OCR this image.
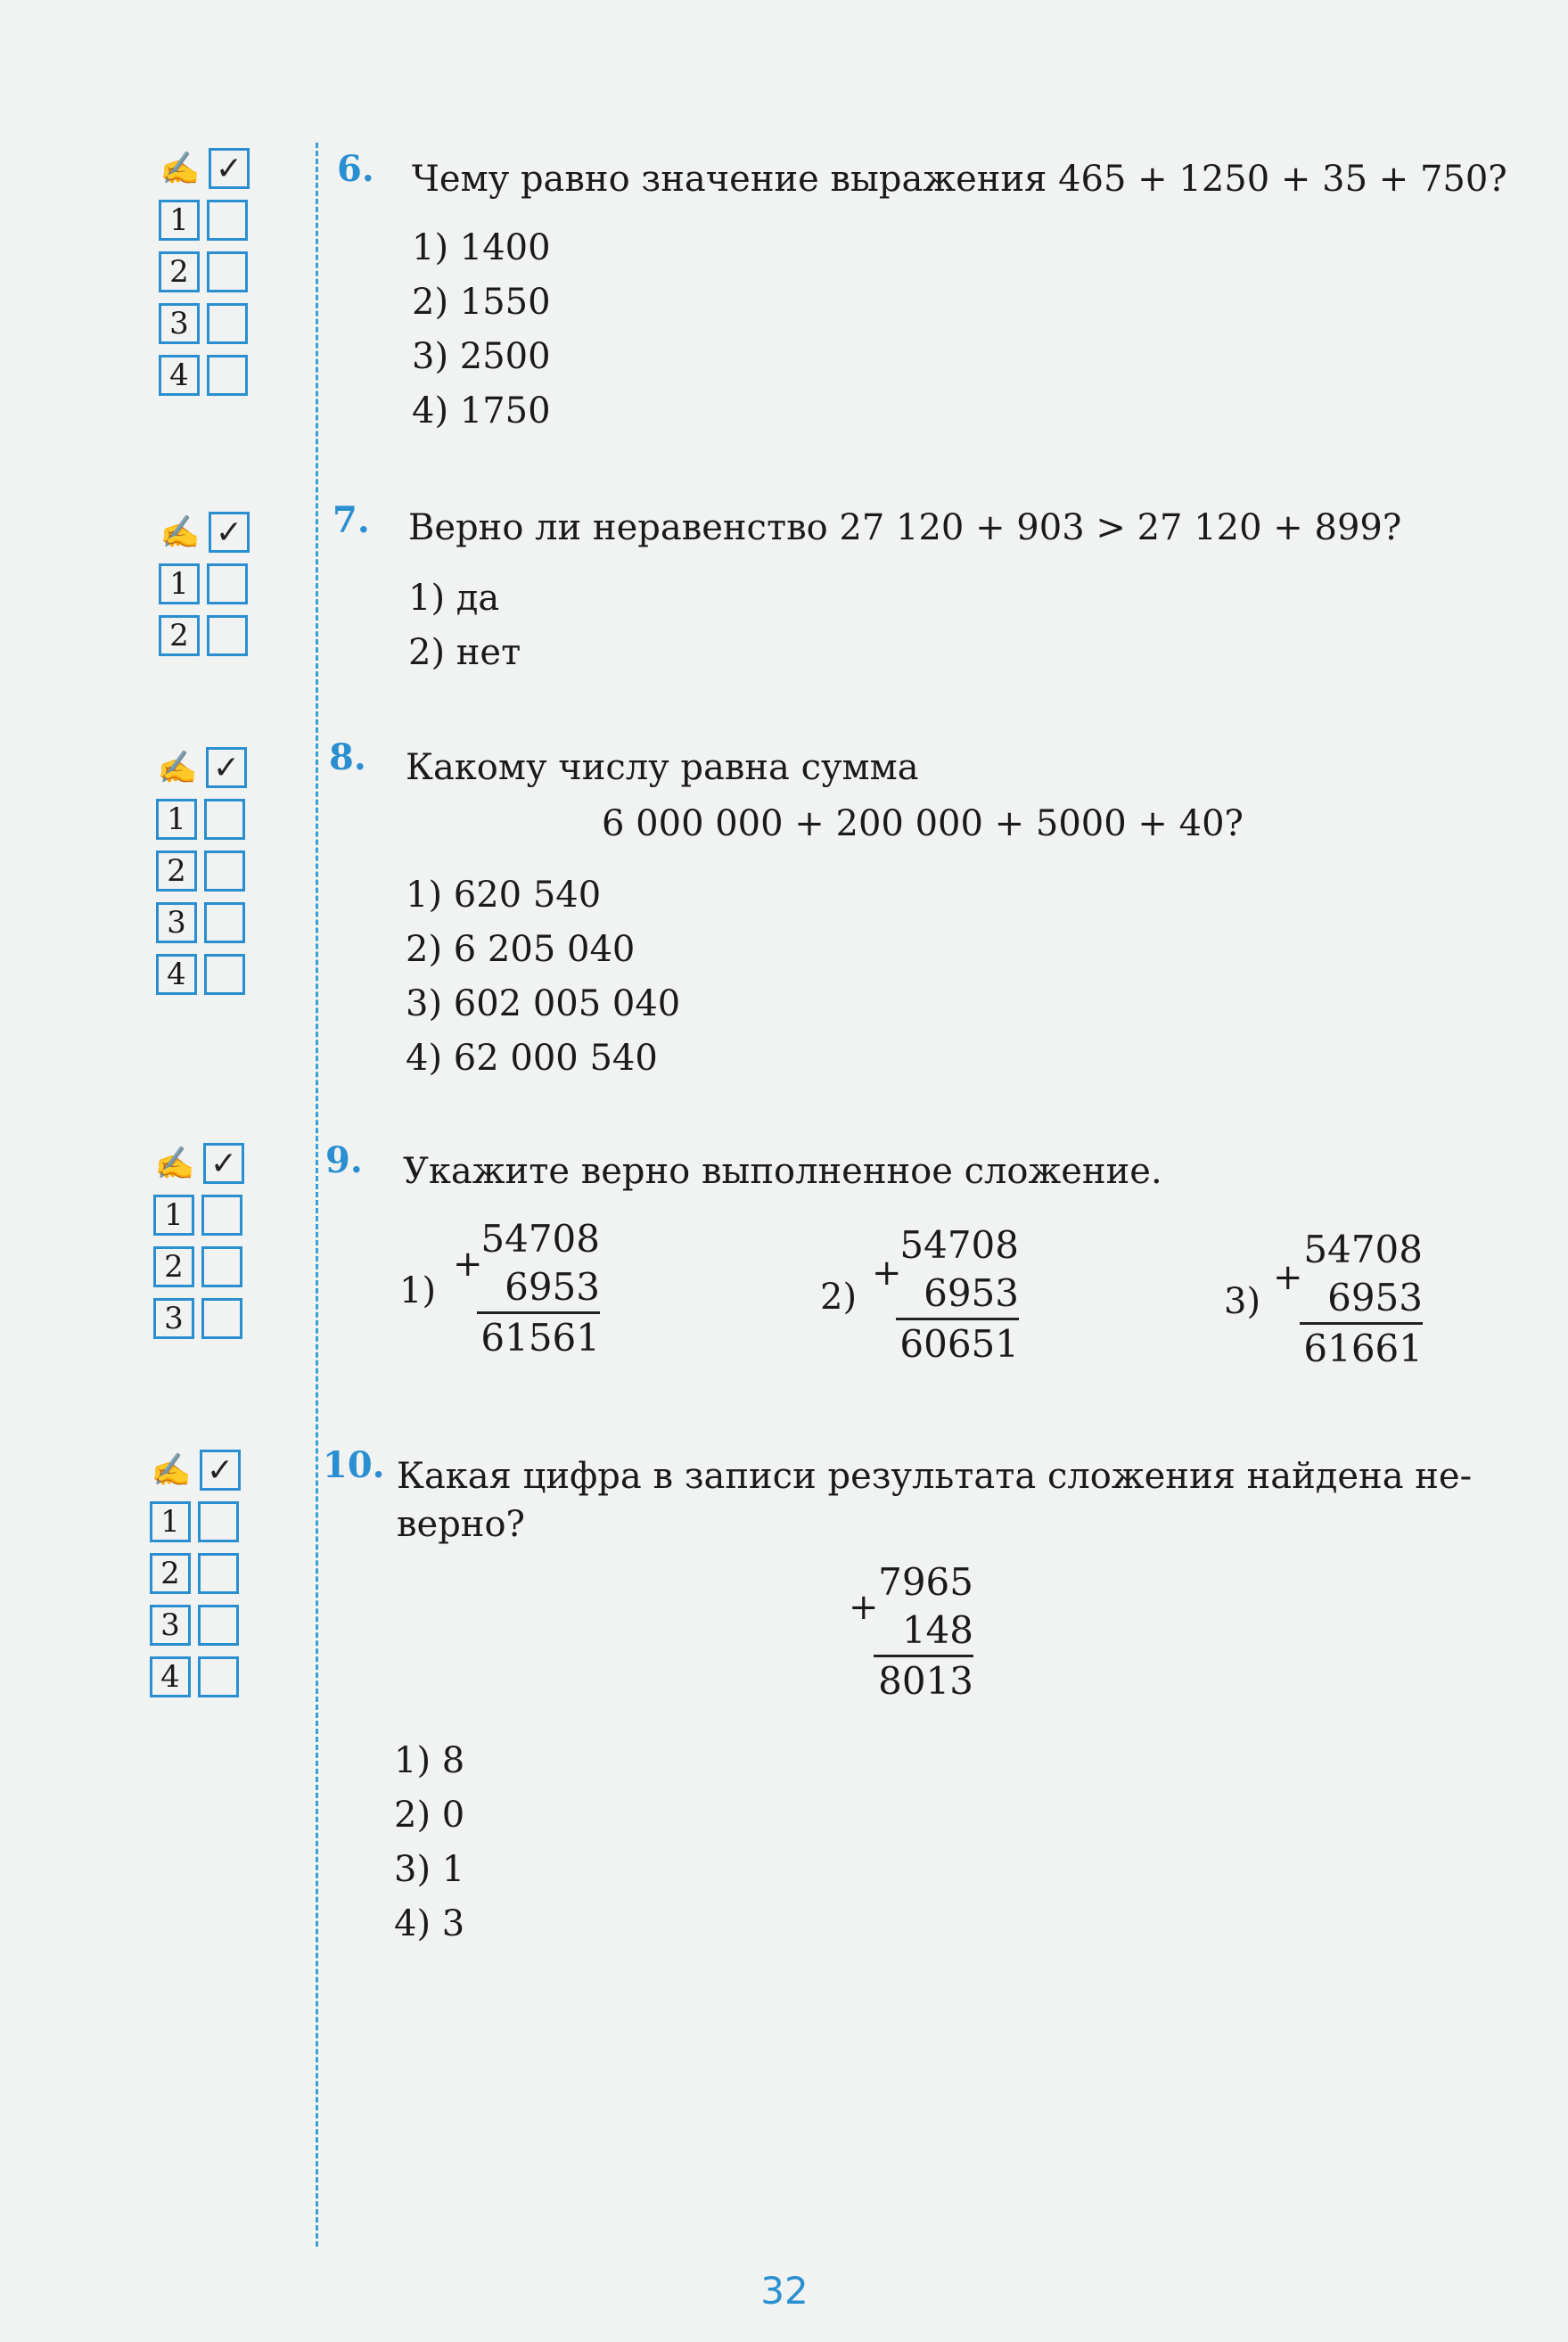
✍ ✓
1
2
3
4
6. Чему равно значение выражения 465 + 1250 + 35 + 750?
1) 1400
2) 1550
3) 2500
4) 1750
✍ ✓
1
2
7. Верно ли неравенство 27 120 + 903 > 27 120 + 899?
1) да
2) нет
✍ ✓
1
2
3
4
8. Какому числу равна сумма
6 000 000 + 200 000 + 5000 + 40?
1) 620 540
2) 6 205 040
3) 602 005 040
4) 62 000 540
✍ ✓
1
2
3
9. Укажите верно выполненное сложение.
1)
+
54708
6953
61561
2)
+
54708
6953
60651
3)
+
54708
6953
61661
✍ ✓
1
2
3
4
10. Какая цифра в записи результата сложения найдена не-
верно?
+
7965
148
8013
1) 8
2) 0
3) 1
4) 3
32
